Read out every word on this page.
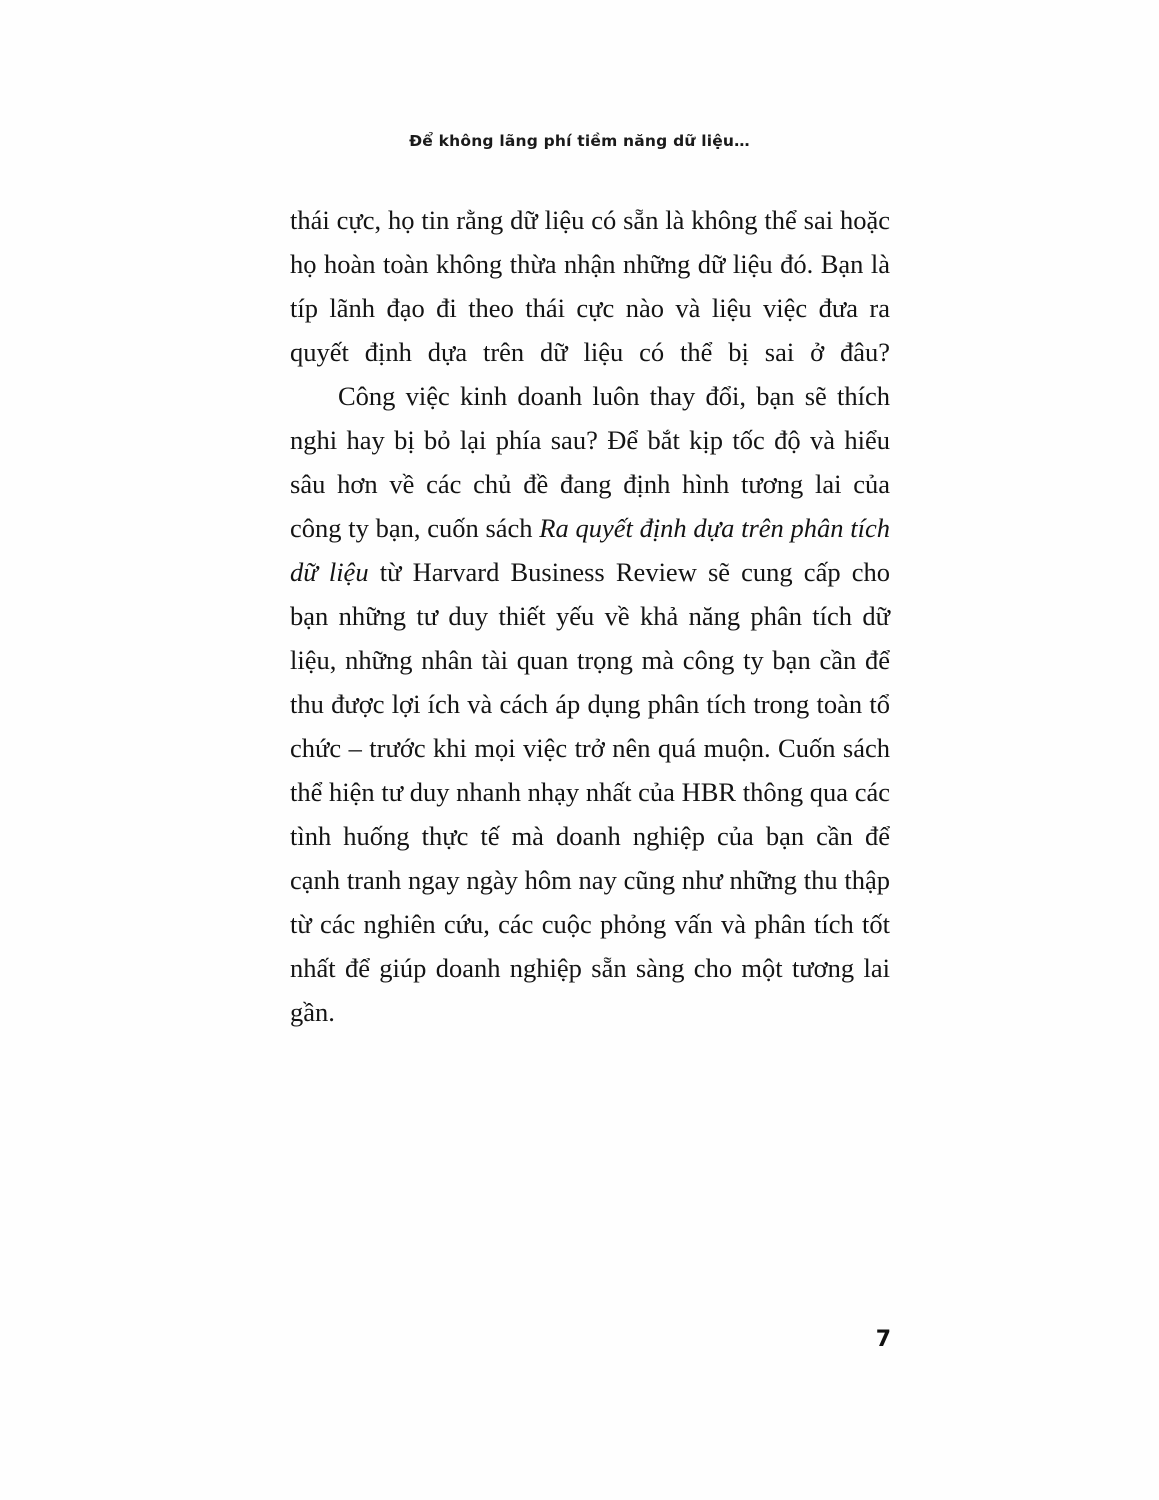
Để không lãng phí tiềm năng dữ liệu…

thái cực, họ tin rằng dữ liệu có sẵn là không thể sai hoặc họ hoàn toàn không thừa nhận những dữ liệu đó. Bạn là típ lãnh đạo đi theo thái cực nào và liệu việc đưa ra quyết định dựa trên dữ liệu có thể bị sai ở đâu?

Công việc kinh doanh luôn thay đổi, bạn sẽ thích nghi hay bị bỏ lại phía sau? Để bắt kịp tốc độ và hiểu sâu hơn về các chủ đề đang định hình tương lai của công ty bạn, cuốn sách Ra quyết định dựa trên phân tích dữ liệu từ Harvard Business Review sẽ cung cấp cho bạn những tư duy thiết yếu về khả năng phân tích dữ liệu, những nhân tài quan trọng mà công ty bạn cần để thu được lợi ích và cách áp dụng phân tích trong toàn tổ chức – trước khi mọi việc trở nên quá muộn. Cuốn sách thể hiện tư duy nhanh nhạy nhất của HBR thông qua các tình huống thực tế mà doanh nghiệp của bạn cần để cạnh tranh ngay ngày hôm nay cũng như những thu thập từ các nghiên cứu, các cuộc phỏng vấn và phân tích tốt nhất để giúp doanh nghiệp sẵn sàng cho một tương lai gần.

7
